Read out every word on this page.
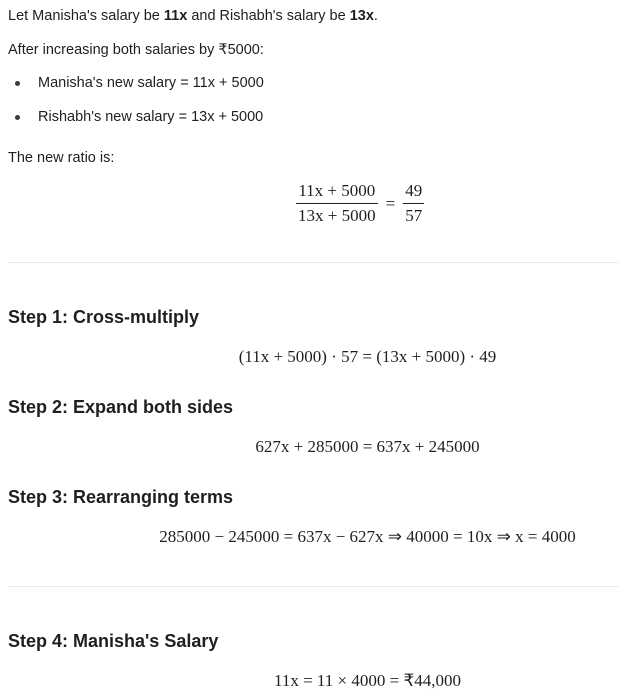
Let Manisha's salary be 11x and Rishabh's salary be 13x.
After increasing both salaries by ₹5000:
Manisha's new salary = 11x + 5000
Rishabh's new salary = 13x + 5000
The new ratio is:
$\frac{11x + 5000}{13x + 5000} = \frac{49}{57}$
Step 1: Cross-multiply
(11x + 5000) · 57 = (13x + 5000) · 49
Step 2: Expand both sides
627x + 285000 = 637x + 245000
Step 3: Rearranging terms
285000 − 245000 = 637x − 627x ⇒ 40000 = 10x ⇒ x = 4000
Step 4: Manisha's Salary
11x = 11 × 4000 = ₹44,000
